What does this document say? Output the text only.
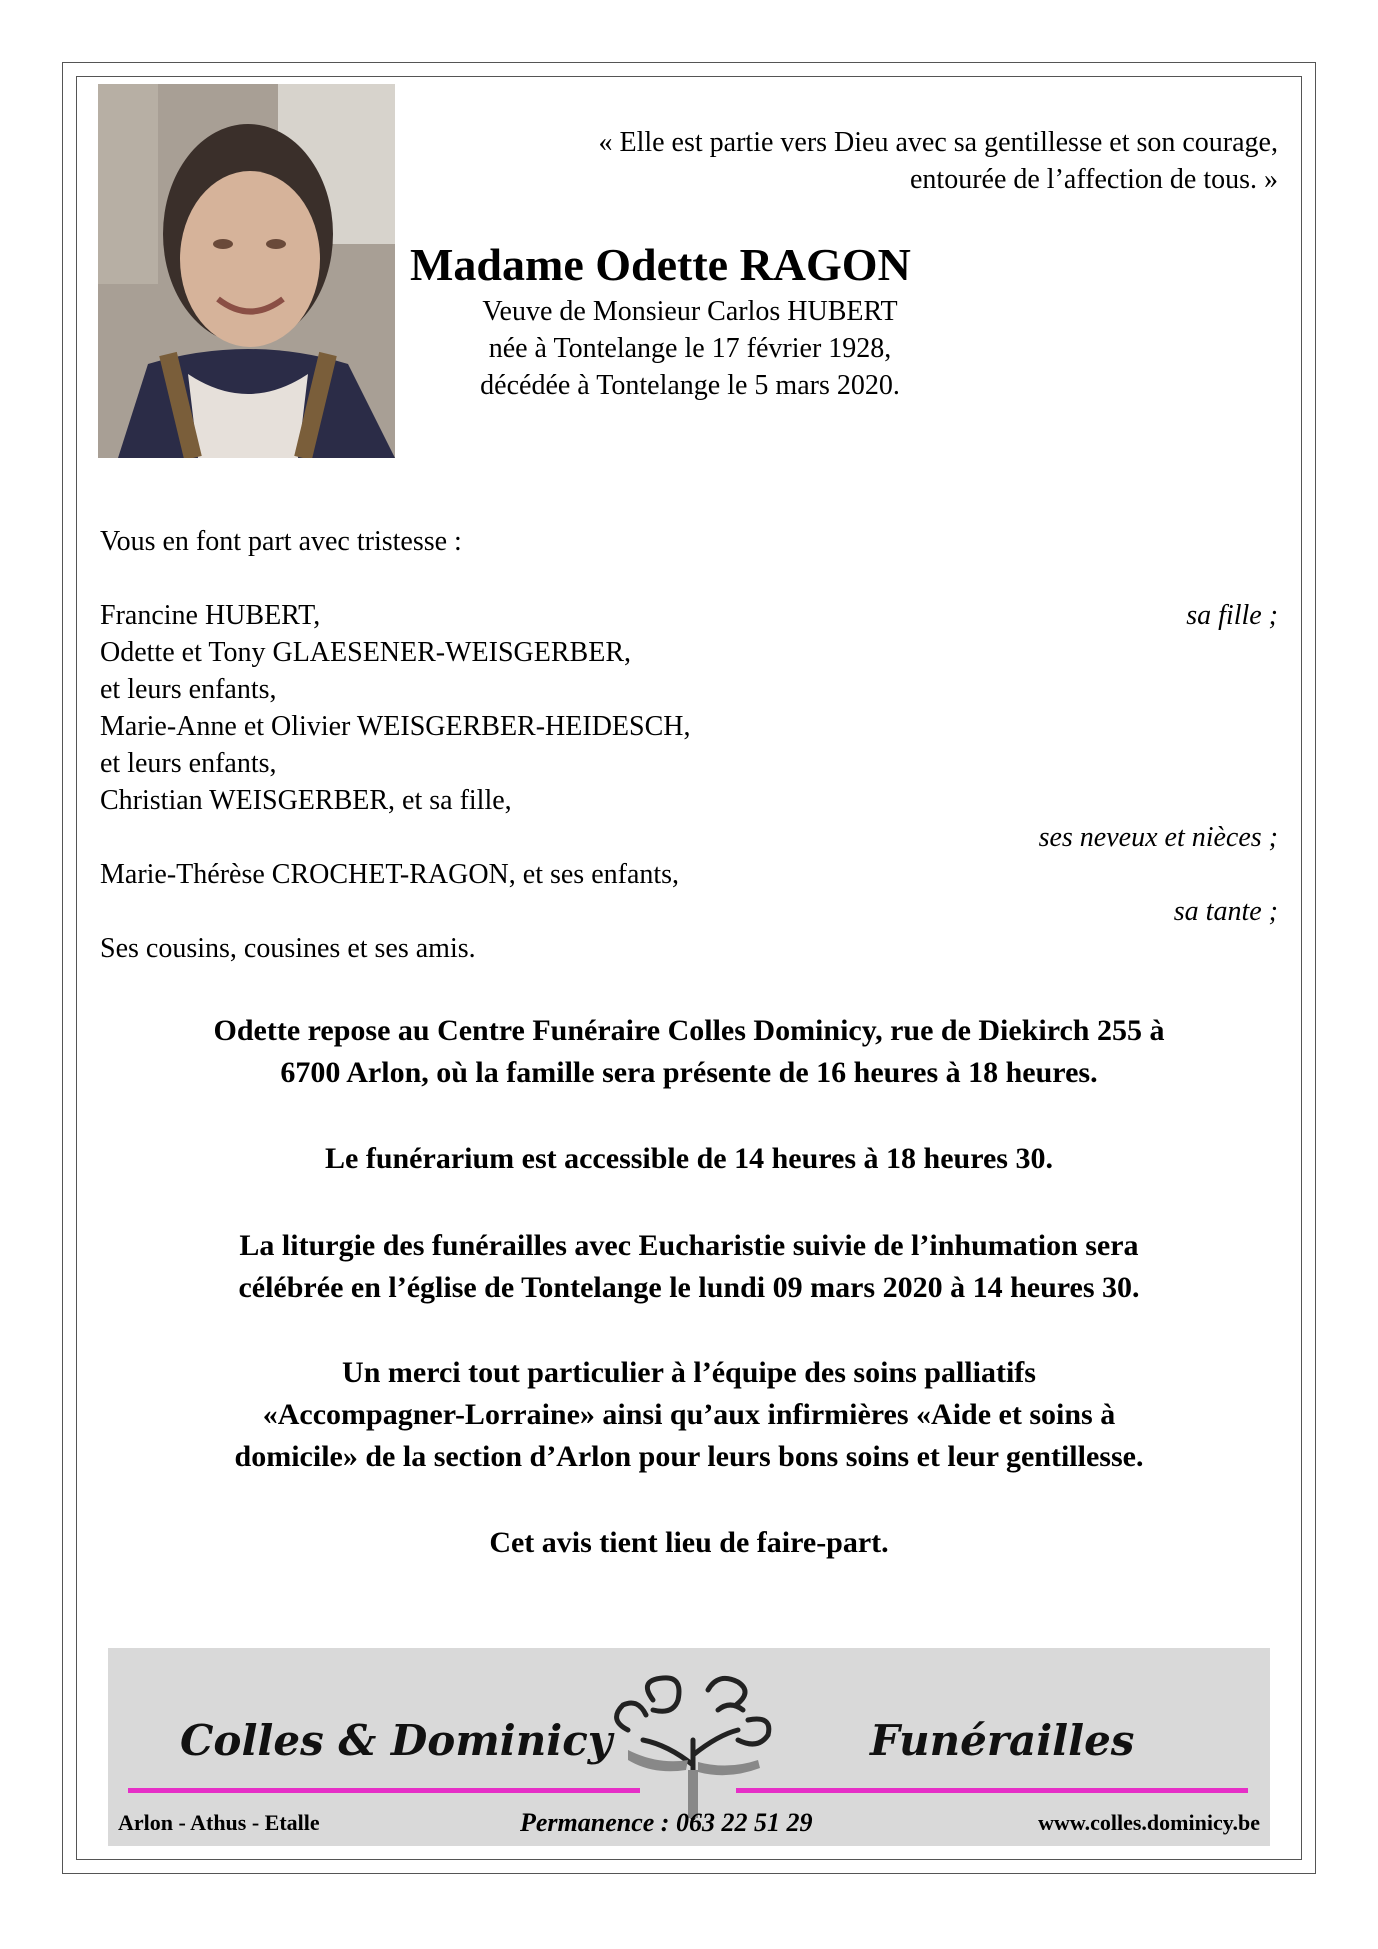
« Elle est partie vers Dieu avec sa gentillesse et son courage,
entourée de l’affection de tous. »
Madame Odette RAGON
Veuve de Monsieur Carlos HUBERT
née à Tontelange le 17 février 1928,
décédée à Tontelange le 5 mars 2020.
Vous en font part avec tristesse :
Francine HUBERT,	sa fille ;
Odette et Tony GLAESENER-WEISGERBER,
et leurs enfants,
Marie-Anne et Olivier WEISGERBER-HEIDESCH,
et leurs enfants,
Christian WEISGERBER, et sa fille,
ses neveux et nièces ;
Marie-Thérèse CROCHET-RAGON, et ses enfants,
sa tante ;
Ses cousins, cousines et ses amis.
Odette repose au Centre Funéraire Colles Dominicy, rue de Diekirch 255 à
6700 Arlon, où la famille sera présente de 16 heures à 18 heures.
Le funérarium est accessible de 14 heures à 18 heures 30.
La liturgie des funérailles avec Eucharistie suivie de l’inhumation sera
célébrée en l’église de Tontelange le lundi 09 mars 2020 à 14 heures 30.
Un merci tout particulier à l’équipe des soins palliatifs
«Accompagner-Lorraine» ainsi qu’aux infirmières «Aide et soins à
domicile» de la section d’Arlon pour leurs bons soins et leur gentillesse.
Cet avis tient lieu de faire-part.
Colles & Dominicy	Funérailles
Arlon - Athus - Etalle	Permanence : 063 22 51 29	www.colles.dominicy.be
